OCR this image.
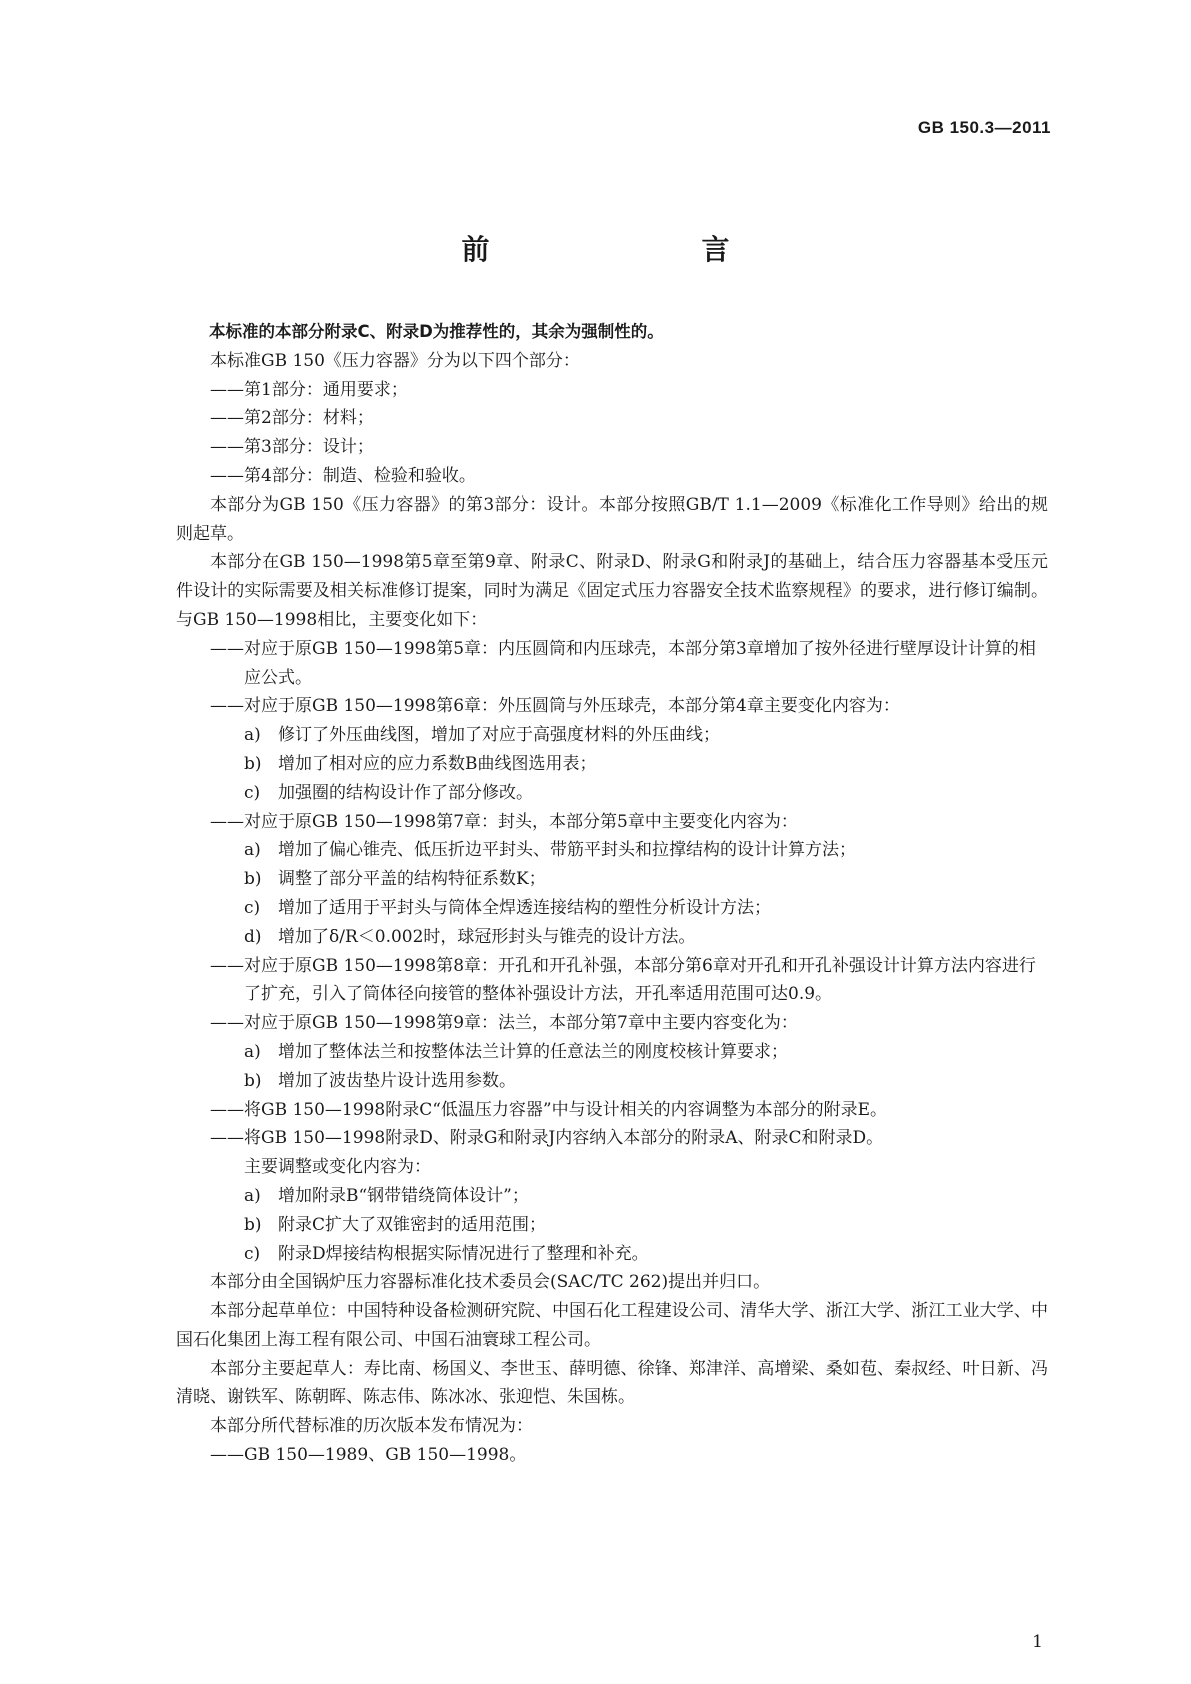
GB 150.3—2011
前　　言

本标准的本部分附录C、附录D为推荐性的，其余为强制性的。

本标准GB 150《压力容器》分为以下四个部分：

——第1部分：通用要求；

——第2部分：材料；

——第3部分：设计；

——第4部分：制造、检验和验收。

本部分为GB 150《压力容器》的第3部分：设计。本部分按照GB/T 1.1—2009《标准化工作导则》给出的规则起草。

本部分在GB 150—1998第5章至第9章、附录C、附录D、附录G和附录J的基础上，结合压力容器基本受压元件设计的实际需要及相关标准修订提案，同时为满足《固定式压力容器安全技术监察规程》的要求，进行修订编制。与GB 150—1998相比，主要变化如下：

——对应于原GB 150—1998第5章：内压圆筒和内压球壳，本部分第3章增加了按外径进行壁厚设计计算的相应公式。

——对应于原GB 150—1998第6章：外压圆筒与外压球壳，本部分第4章主要变化内容为：

a) 修订了外压曲线图，增加了对应于高强度材料的外压曲线；

b) 增加了相对应的应力系数B曲线图选用表；

c) 加强圈的结构设计作了部分修改。

——对应于原GB 150—1998第7章：封头，本部分第5章中主要变化内容为：

a) 增加了偏心锥壳、低压折边平封头、带筋平封头和拉撑结构的设计计算方法；

b) 调整了部分平盖的结构特征系数K；

c) 增加了适用于平封头与筒体全焊透连接结构的塑性分析设计方法；

d) 增加了δ/R＜0.002时，球冠形封头与锥壳的设计方法。

——对应于原GB 150—1998第8章：开孔和开孔补强，本部分第6章对开孔和开孔补强设计计算方法内容进行了扩充，引入了筒体径向接管的整体补强设计方法，开孔率适用范围可达0.9。

——对应于原GB 150—1998第9章：法兰，本部分第7章中主要内容变化为：

a) 增加了整体法兰和按整体法兰计算的任意法兰的刚度校核计算要求；

b) 增加了波齿垫片设计选用参数。

——将GB 150—1998附录C“低温压力容器”中与设计相关的内容调整为本部分的附录E。

——将GB 150—1998附录D、附录G和附录J内容纳入本部分的附录A、附录C和附录D。

主要调整或变化内容为：

a) 增加附录B“钢带错绕筒体设计”；

b) 附录C扩大了双锥密封的适用范围；

c) 附录D焊接结构根据实际情况进行了整理和补充。

本部分由全国锅炉压力容器标准化技术委员会(SAC/TC 262)提出并归口。

本部分起草单位：中国特种设备检测研究院、中国石化工程建设公司、清华大学、浙江大学、浙江工业大学、中国石化集团上海工程有限公司、中国石油寰球工程公司。

本部分主要起草人：寿比南、杨国义、李世玉、薛明德、徐锋、郑津洋、高增梁、桑如苞、秦叔经、叶日新、冯清晓、谢铁军、陈朝晖、陈志伟、陈冰冰、张迎恺、朱国栋。

本部分所代替标准的历次版本发布情况为：

——GB 150—1989、GB 150—1998。

1
